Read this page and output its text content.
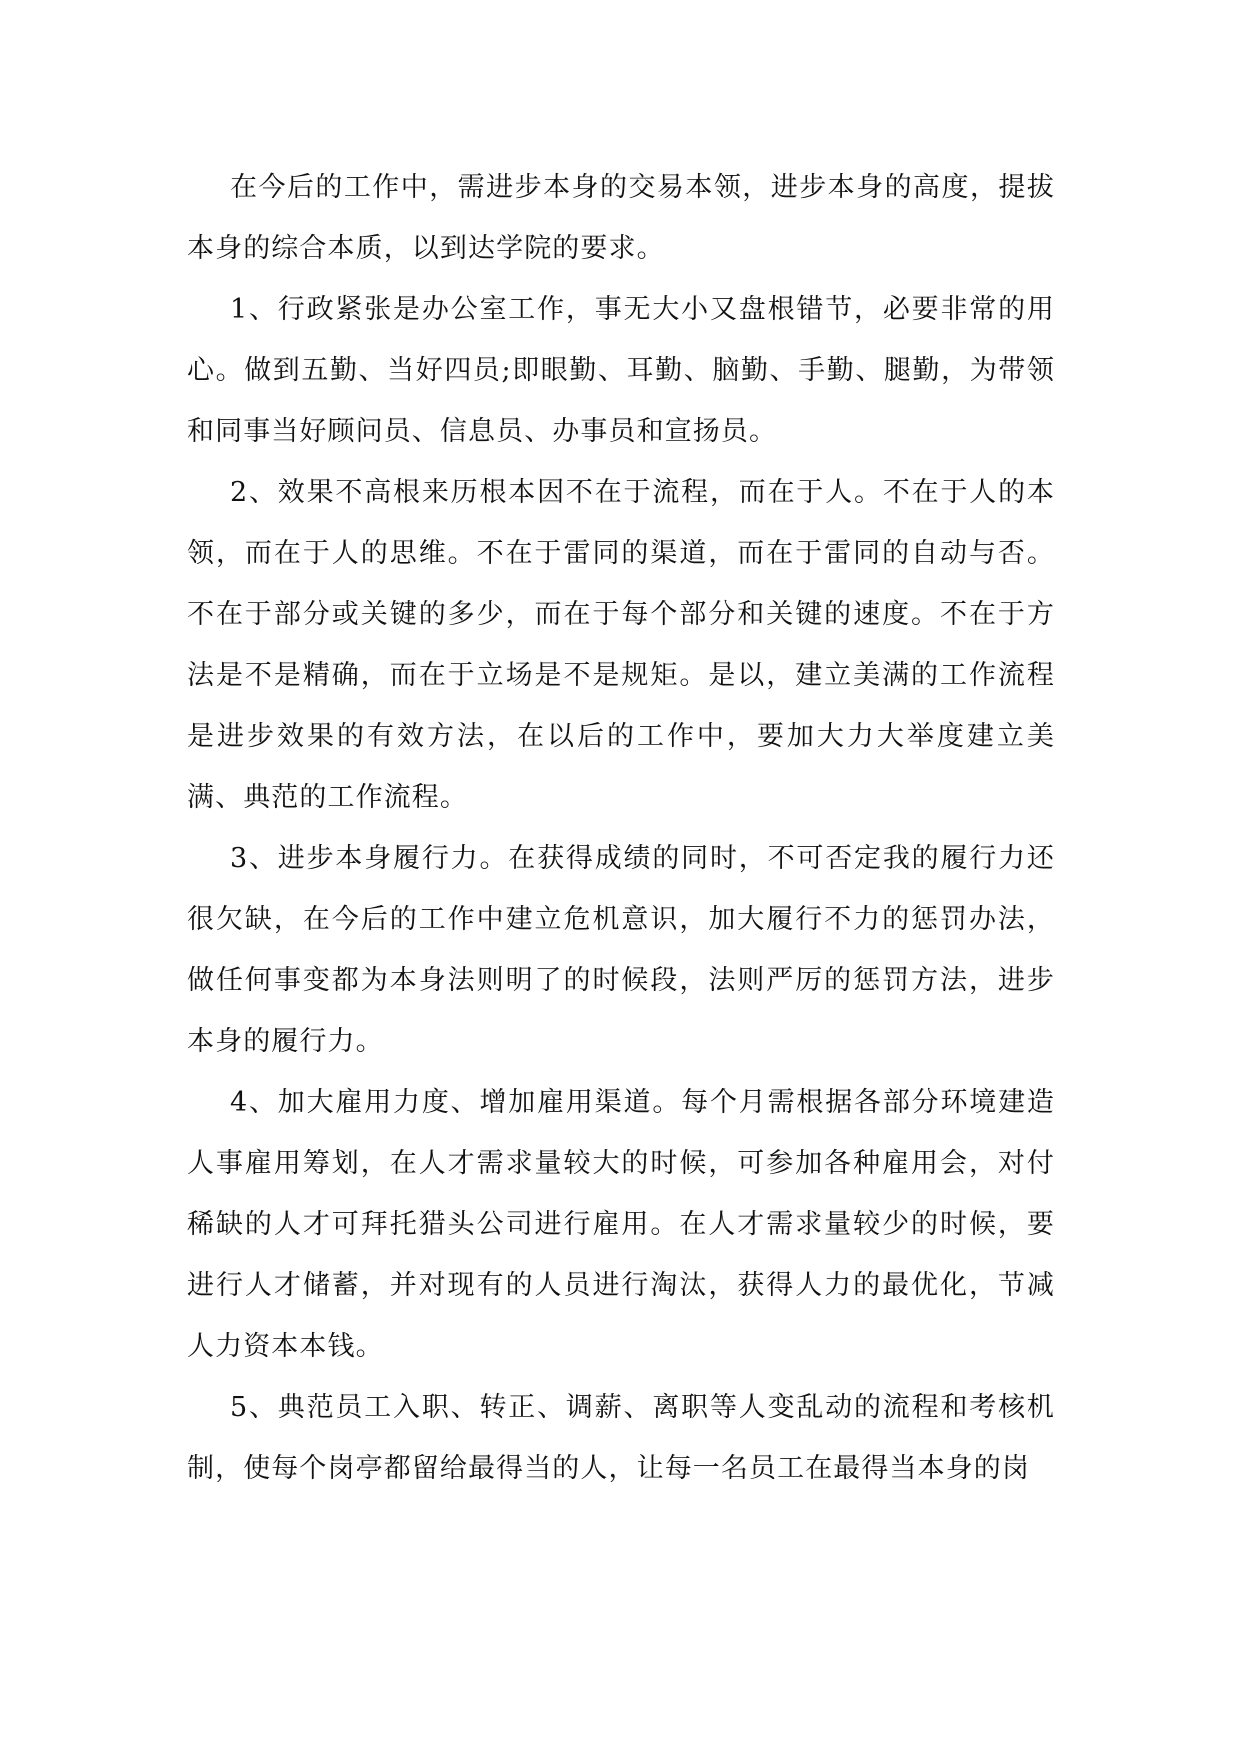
在今后的工作中，需进步本身的交易本领，进步本身的高度，提拔本身的综合本质，以到达学院的要求。

1、行政紧张是办公室工作，事无大小又盘根错节，必要非常的用心。做到五勤、当好四员;即眼勤、耳勤、脑勤、手勤、腿勤，为带领和同事当好顾问员、信息员、办事员和宣扬员。

2、效果不高根来历根本因不在于流程，而在于人。不在于人的本领，而在于人的思维。不在于雷同的渠道，而在于雷同的自动与否。不在于部分或关键的多少，而在于每个部分和关键的速度。不在于方法是不是精确，而在于立场是不是规矩。是以，建立美满的工作流程是进步效果的有效方法，在以后的工作中，要加大力大举度建立美满、典范的工作流程。

3、进步本身履行力。在获得成绩的同时，不可否定我的履行力还很欠缺，在今后的工作中建立危机意识，加大履行不力的惩罚办法，做任何事变都为本身法则明了的时候段，法则严厉的惩罚方法，进步本身的履行力。

4、加大雇用力度、增加雇用渠道。每个月需根据各部分环境建造人事雇用筹划，在人才需求量较大的时候，可参加各种雇用会，对付稀缺的人才可拜托猎头公司进行雇用。在人才需求量较少的时候，要进行人才储蓄，并对现有的人员进行淘汰，获得人力的最优化，节减人力资本本钱。

5、典范员工入职、转正、调薪、离职等人变乱动的流程和考核机制，使每个岗亭都留给最得当的人，让每一名员工在最得当本身的岗
